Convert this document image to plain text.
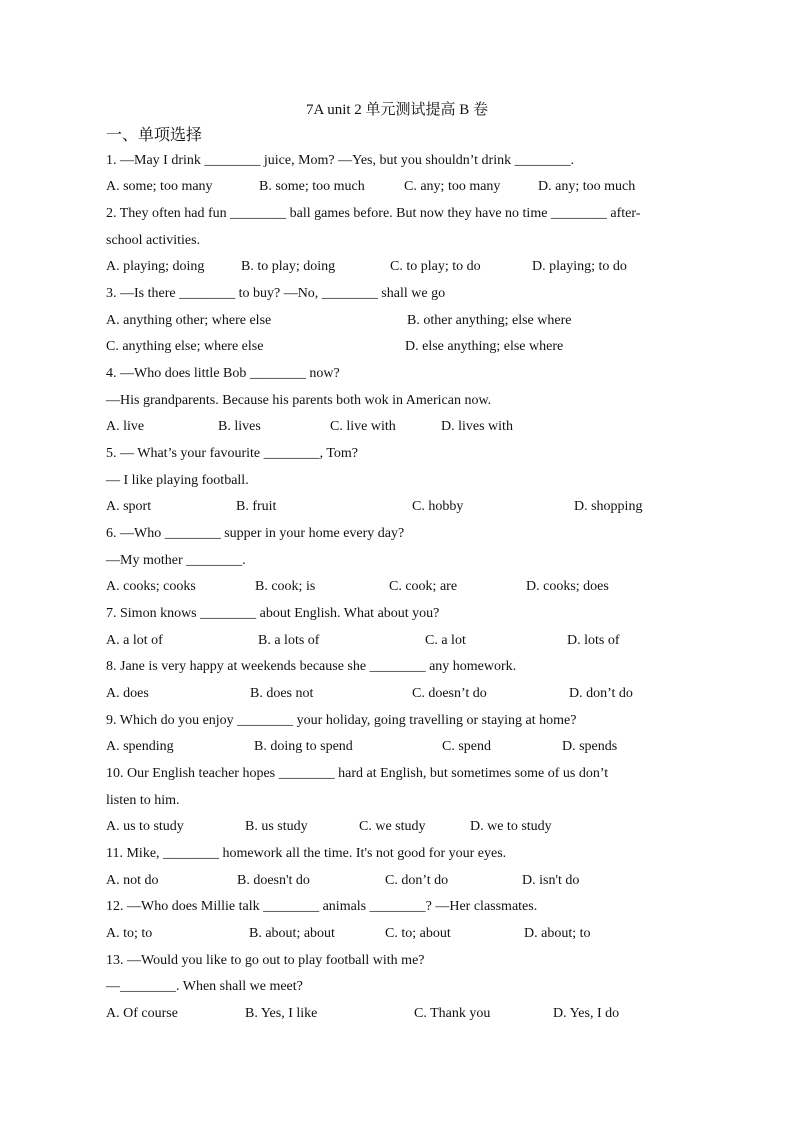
7A unit 2 单元测试提高 B 卷
一、单项选择
1. —May I drink ________ juice, Mom? —Yes, but you shouldn’t drink ________.
2. They often had fun ________ ball games before. But now they have no time ________ after-
school activities.
3. —Is there ________ to buy? —No, ________ shall we go
4. —Who does little Bob ________ now?
—His grandparents. Because his parents both wok in American now.
5. — What’s your favourite ________, Tom?
— I like playing football.
6. —Who ________ supper in your home every day?
—My mother ________.
7. Simon knows ________ about English. What about you?
8. Jane is very happy at weekends because she ________ any homework.
9. Which do you enjoy ________ your holiday, going travelling or staying at home?
10. Our English teacher hopes ________ hard at English, but sometimes some of us don’t
listen to him.
11. Mike, ________ homework all the time. It's not good for your eyes.
12. —Who does Millie talk ________ animals ________? —Her classmates.
13. —Would you like to go out to play football with me?
—________. When shall we meet?
A. some; too many	B. some; too much	C. any; too many	D. any; too much
A. playing; doing	B. to play; doing	C. to play; to do	D. playing; to do
A. anything other; where else	B. other anything; else where
C. anything else; where else	D. else anything; else where
A. live	B. lives	C. live with	D. lives with
A. sport	B. fruit	C. hobby	D. shopping
A. cooks; cooks	B. cook; is	C. cook; are	D. cooks; does
A. a lot of	B. a lots of	C. a lot	D. lots of
A. does	B. does not	C. doesn’t do	D. don’t do
A. spending	B. doing to spend	C. spend	D. spends
A. us to study	B. us study	C. we study	D. we to study
A. not do	B. doesn't do	C. don’t do	D. isn't do
A. to; to	B. about; about	C. to; about	D. about; to
A. Of course	B. Yes, I like	C. Thank you	D. Yes, I do
